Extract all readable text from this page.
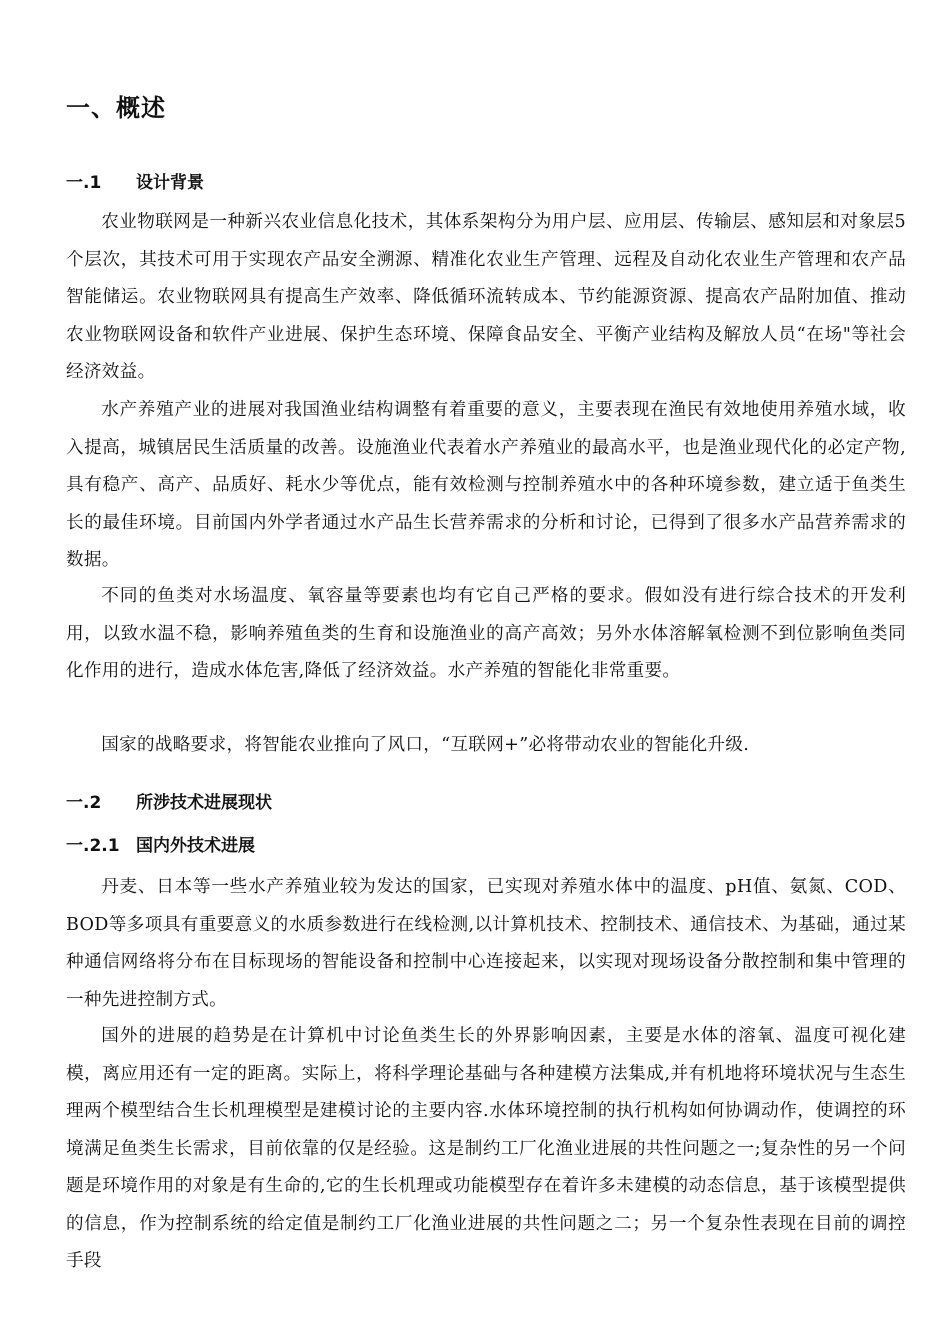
一、概述
一.1 设计背景

农业物联网是一种新兴农业信息化技术，其体系架构分为用户层、应用层、传输层、感知层和对象层5个层次，其技术可用于实现农产品安全溯源、精准化农业生产管理、远程及自动化农业生产管理和农产品智能储运。农业物联网具有提高生产效率、降低循环流转成本、节约能源资源、提高农产品附加值、推动农业物联网设备和软件产业进展、保护生态环境、保障食品安全、平衡产业结构及解放人员“在场"等社会经济效益。

水产养殖产业的进展对我国渔业结构调整有着重要的意义，主要表现在渔民有效地使用养殖水域，收入提高，城镇居民生活质量的改善。设施渔业代表着水产养殖业的最高水平，也是渔业现代化的必定产物,具有稳产、高产、品质好、耗水少等优点，能有效检测与控制养殖水中的各种环境参数，建立适于鱼类生长的最佳环境。目前国内外学者通过水产品生长营养需求的分析和讨论，已得到了很多水产品营养需求的数据。

不同的鱼类对水场温度、氧容量等要素也均有它自己严格的要求。假如没有进行综合技术的开发利用，以致水温不稳，影响养殖鱼类的生育和设施渔业的高产高效；另外水体溶解氧检测不到位影响鱼类同化作用的进行，造成水体危害,降低了经济效益。水产养殖的智能化非常重要。

国家的战略要求，将智能农业推向了风口，“互联网+”必将带动农业的智能化升级.

一.2 所涉技术进展现状
一.2.1 国内外技术进展

丹麦、日本等一些水产养殖业较为发达的国家，已实现对养殖水体中的温度、pH值、氨氮、COD、BOD等多项具有重要意义的水质参数进行在线检测,以计算机技术、控制技术、通信技术、为基础，通过某种通信网络将分布在目标现场的智能设备和控制中心连接起来，以实现对现场设备分散控制和集中管理的一种先进控制方式。

国外的进展的趋势是在计算机中讨论鱼类生长的外界影响因素，主要是水体的溶氧、温度可视化建模，离应用还有一定的距离。实际上，将科学理论基础与各种建模方法集成,并有机地将环境状况与生态生理两个模型结合生长机理模型是建模讨论的主要内容.水体环境控制的执行机构如何协调动作，使调控的环境满足鱼类生长需求，目前依靠的仅是经验。这是制约工厂化渔业进展的共性问题之一;复杂性的另一个问题是环境作用的对象是有生命的,它的生长机理或功能模型存在着许多未建模的动态信息，基于该模型提供的信息，作为控制系统的给定值是制约工厂化渔业进展的共性问题之二；另一个复杂性表现在目前的调控手段
